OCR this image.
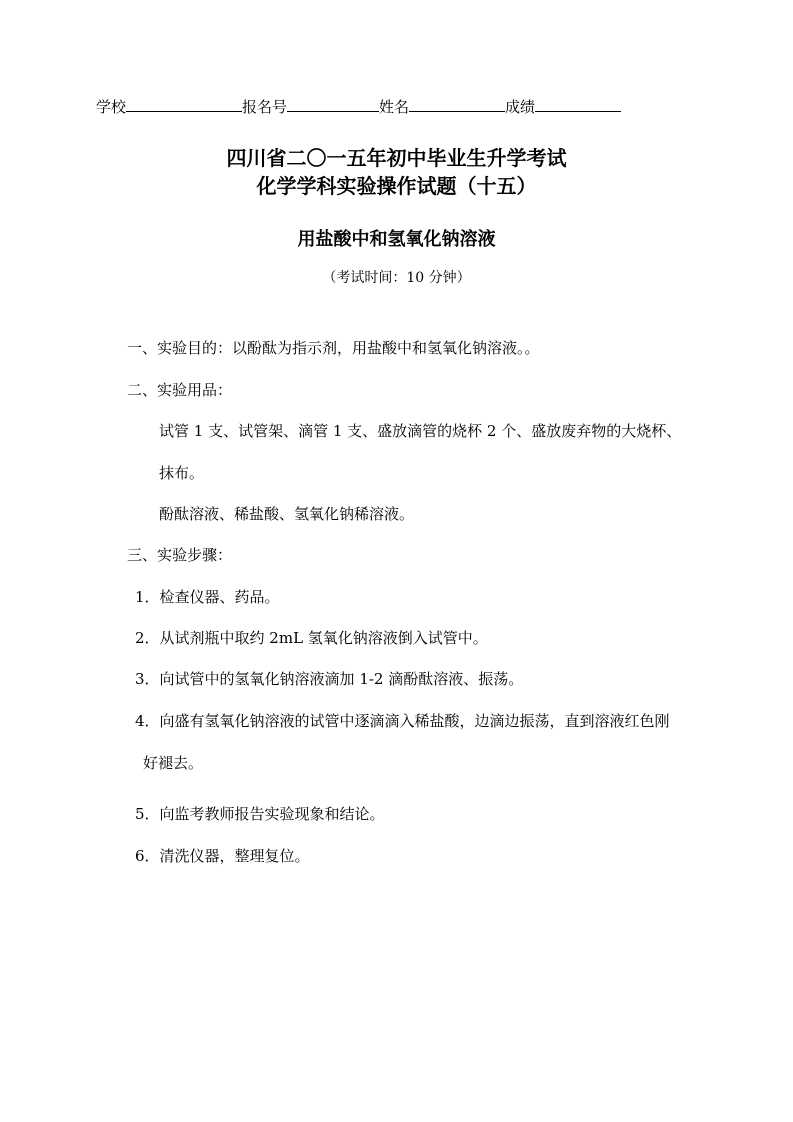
学校	报名号	姓名	成绩
四川省二〇一五年初中毕业生升学考试
化学学科实验操作试题（十五）
用盐酸中和氢氧化钠溶液
（考试时间：10 分钟）
一、实验目的：以酚酞为指示剂，用盐酸中和氢氧化钠溶液。。
二、实验用品：
试管 1 支、试管架、滴管 1 支、盛放滴管的烧杯 2 个、盛放废弃物的大烧杯、
抹布。
酚酞溶液、稀盐酸、氢氧化钠稀溶液。
三、实验步骤：
1．检查仪器、药品。
2．从试剂瓶中取约 2mL 氢氧化钠溶液倒入试管中。
3．向试管中的氢氧化钠溶液滴加 1-2 滴酚酞溶液、振荡。
4．向盛有氢氧化钠溶液的试管中逐滴滴入稀盐酸，边滴边振荡，直到溶液红色刚
好褪去。
5．向监考教师报告实验现象和结论。
6．清洗仪器，整理复位。
